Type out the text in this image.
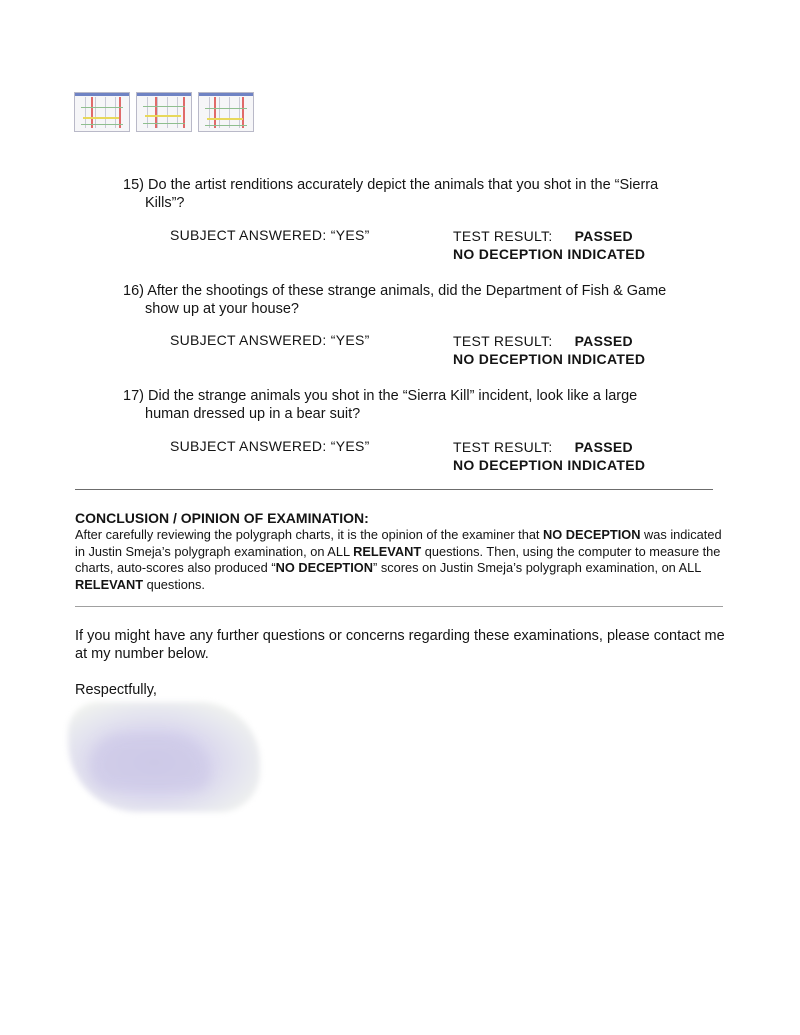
15) Do the artist renditions accurately depict the animals that you shot in the “Sierra
Kills”?
SUBJECT ANSWERED: “YES”	TEST RESULT: PASSED
NO DECEPTION INDICATED
16) After the shootings of these strange animals, did the Department of Fish & Game
show up at your house?
SUBJECT ANSWERED: “YES”	TEST RESULT: PASSED
NO DECEPTION INDICATED
17) Did the strange animals you shot in the “Sierra Kill” incident, look like a large
human dressed up in a bear suit?
SUBJECT ANSWERED: “YES”	TEST RESULT: PASSED
NO DECEPTION INDICATED
CONCLUSION / OPINION OF EXAMINATION:
After carefully reviewing the polygraph charts, it is the opinion of the examiner that NO DECEPTION was indicated in Justin Smeja’s polygraph examination, on ALL RELEVANT questions. Then, using the computer to measure the charts, auto-scores also produced “NO DECEPTION” scores on Justin Smeja’s polygraph examination, on ALL RELEVANT questions.
If you might have any further questions or concerns regarding these examinations, please contact me at my number below.
Respectfully,
